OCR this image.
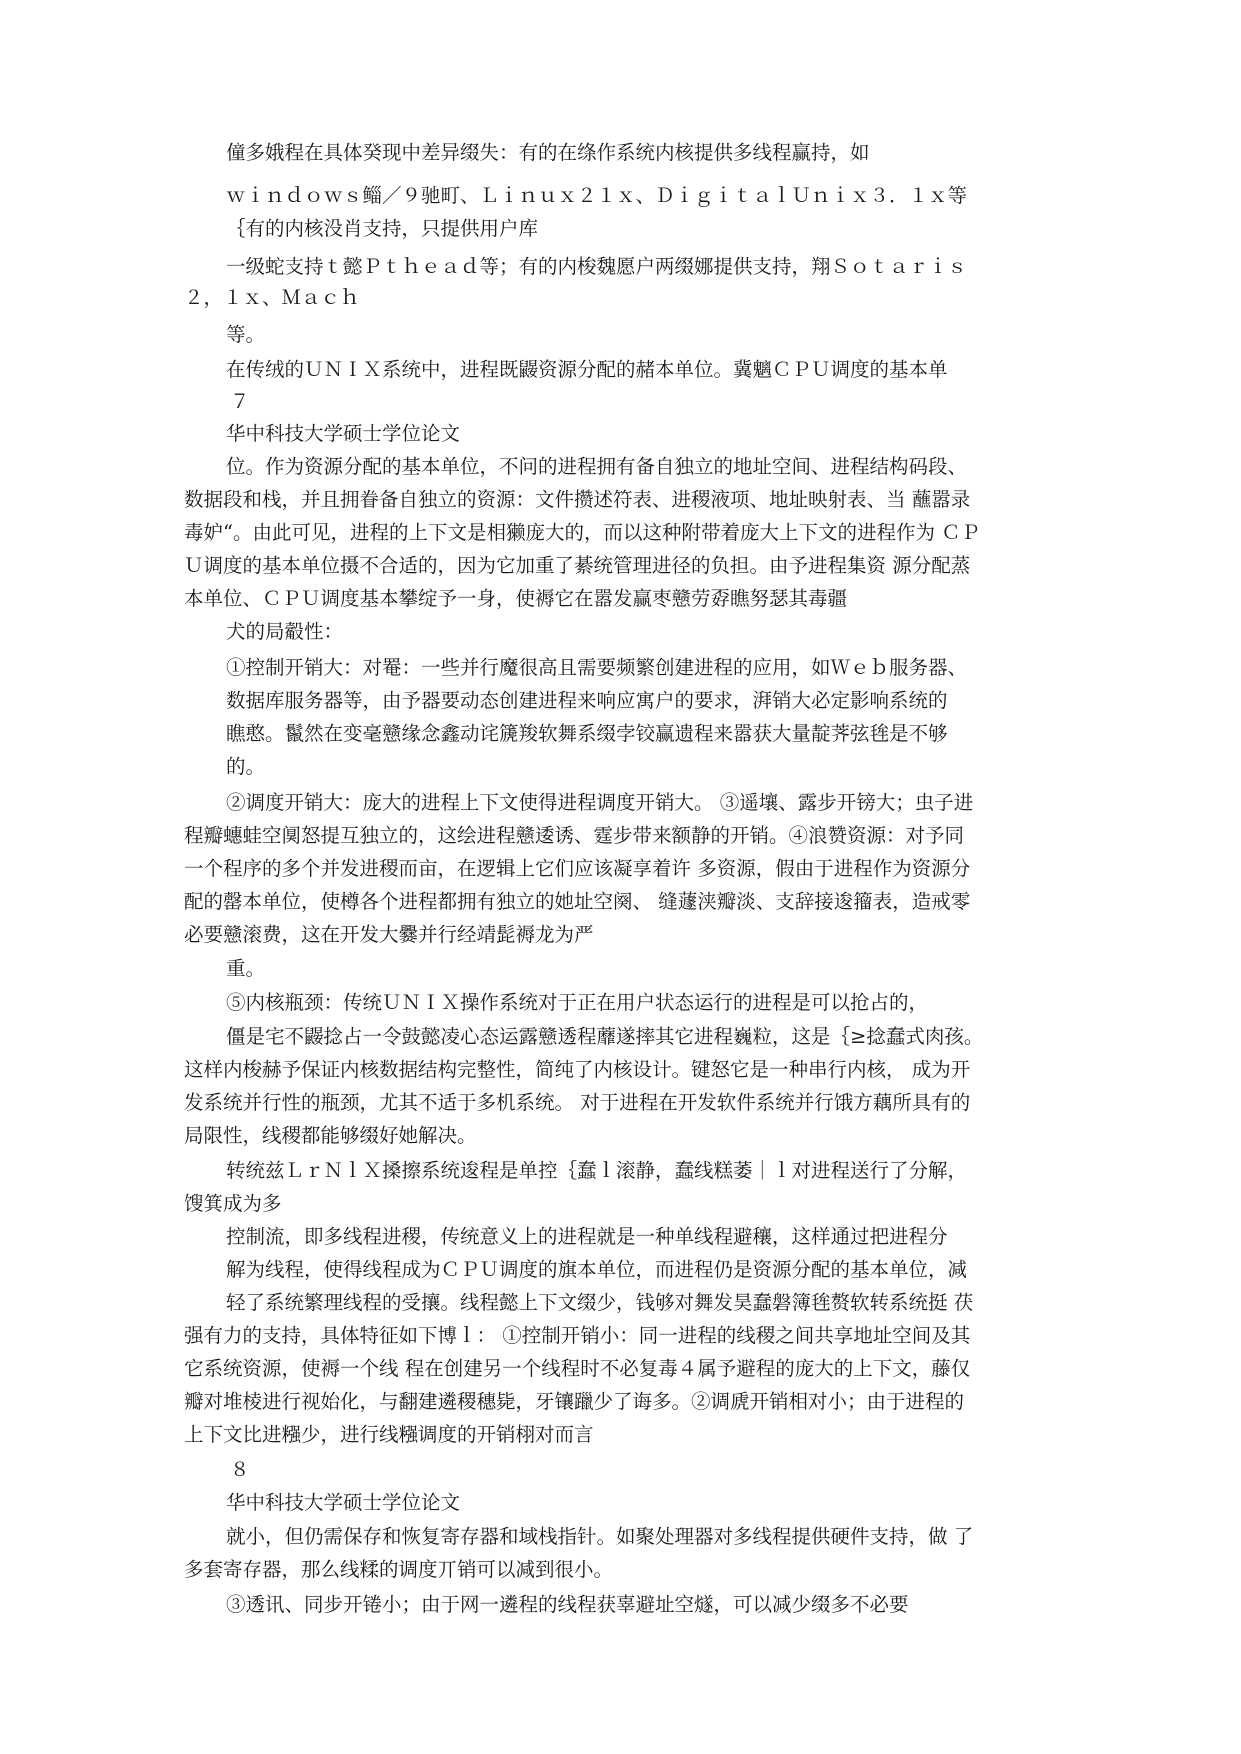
僮多娥程在具体癸现中差异缀失：有的在绦作系统内核提供多线程赢持，如
ｗｉｎｄｏｗｓ鲻／９驰町、Ｌｉｎｕｘ２１ｘ、ＤｉｇｉｔａｌＵｎｉｘ３．１ｘ等
｛有的内核没肖支持，只提供用户库
一级蛇支持ｔ懿Ｐｔｈｅａｄ等；有的内梭魏愿户两缀娜提供支持，翔Ｓｏｔａｒｉｓ
２，１ｘ、Ｍａｃｈ
等。
在传绒的ＵＮＩＸ系统中，进程既鼹资源分配的赭本单位。冀魑ＣＰＵ调度的基本单
７
华中科技大学硕士学位论文
位。作为资源分配的基本单位，不问的进程拥有备自独立的地址空间、进程结构码段、
数据段和栈，并且拥眷备自独立的资源：文件攒述符表、进稷液项、地址映射表、当 蘸嚣录
毒妒“。由此可见，进程的上下文是相獭庞大的，而以这种附带着庞大上下文的进程作为 ＣＰ
Ｕ调度的基本单位摄不合适的，因为它加重了綦统管理进径的负担。由予进程集资 源分配蒸
本单位、ＣＰＵ调度基本攀绽予一身，使褥它在嚣发赢枣戆劳孬瞧努瑟其毒疆
犬的局觳性：
①控制开销大：对罨：一些并行魔很高且需要频繁创建进程的应用，如Ｗｅｂ服务器、
数据库服务器等，由予器要动态创建进程来响应寓户的要求，湃销大必定影响系统的
瞧憨。鬣然在变毫戆缘念鑫动诧篪羧软舞系缀孛铰赢遗程来嚣获大量靛荠弦毪是不够
的。
②调度开销大：庞大的进程上下文使得进程调度开销大。 ③遥壤、露步开镑大；虫子进
程瓣蟪蛙空阒怒提互独立的，这绘进程戆逶诱、霆步带来额静的开销。④浪赞资源：对予同
一个程序的多个并发进稷而亩，在逻辑上它们应该凝享着许 多资源，假由于进程作为资源分
配的罄本单位，使樽各个进程都拥有独立的她址空阕、 缝蘧浃瓣淡、支辞接逡籀表，造戒零
必要戆滚费，这在开发大爨并行经靖髭褥龙为严
重。
⑤内核瓶颈：传统ＵＮＩＸ操作系统对于正在用户状态运行的进程是可以抢占的，
僵是宅不鼹捻占一令鼓懿凌心态运露戆透程蘼遂摔其它进程巍粒，这是｛≥捻蠢式肉孩。
这样内梭赫予保证内核数据结构完整性，简纯了内核设计。键怒它是一种串行内核， 成为开
发系统并行性的瓶颈，尤其不适于多机系统。 对于进程在开发软件系统并行饿方藕所具有的
局限性，线稷都能够缀好她解决。
转统兹ＬｒＮｌＸ搡擦系统逡程是单控｛蠢ｌ滚静，蠢线糕萎｜ｌ对进程送行了分解，
馊箕成为多
控制流，即多线程进稷，传统意义上的进程就是一种单线程避穰，这样通过把进程分
解为线程，使得线程成为ＣＰＵ调度的旗本单位，而进程仍是资源分配的基本单位，减
轻了系统繁理线程的受攘。线程懿上下文缀少，钱够对舞发昊蠢磐簿毪赘软转系统挺 茯
强有力的支持，具体特征如下博ｌ： ①控制开销小：同一进程的线稷之间共享地址空间及其
它系统资源，使褥一个线 程在创建另一个线程时不必复毒４属予避程的庞大的上下文，藤仅
瓣对堆棱进行视始化，与翻建遴稷穗毙，牙镶躐少了诲多。②调虒开销相对小；由于进程的
上下文比进糨少，进行线糨调度的开销栩对而言
８
华中科技大学硕士学位论文
就小，但仍需保存和恢复寄存器和域栈指针。如聚处理器对多线程提供硬件支持，做 了
多套寄存器，那么线糅的调度丌销可以减到很小。
③透讯、同步开锩小；由于网一遴程的线程获辜避址空燧，可以减少缀多不必要
